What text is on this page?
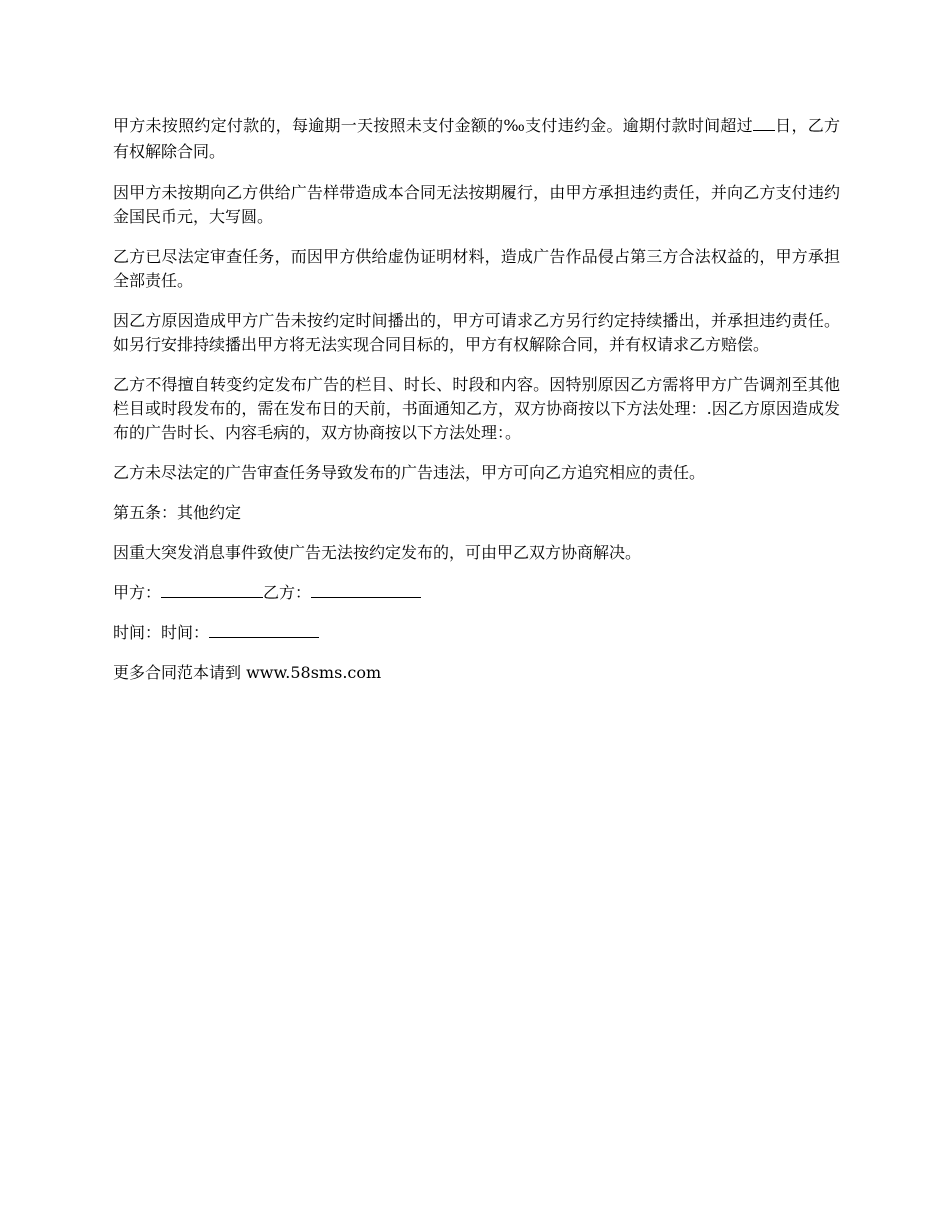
甲方未按照约定付款的，每逾期一天按照未支付金额的‰支付违约金。逾期付款时间超过 日，乙方有权解除合同。

因甲方未按期向乙方供给广告样带造成本合同无法按期履行，由甲方承担违约责任，并向乙方支付违约金国民币元，大写圆。

乙方已尽法定审查任务，而因甲方供给虚伪证明材料，造成广告作品侵占第三方合法权益的，甲方承担全部责任。

因乙方原因造成甲方广告未按约定时间播出的，甲方可请求乙方另行约定持续播出，并承担违约责任。如另行安排持续播出甲方将无法实现合同目标的，甲方有权解除合同，并有权请求乙方赔偿。

乙方不得擅自转变约定发布广告的栏目、时长、时段和内容。因特别原因乙方需将甲方广告调剂至其他栏目或时段发布的，需在发布日的天前，书面通知乙方，双方协商按以下方法处理：.因乙方原因造成发布的广告时长、内容毛病的，双方协商按以下方法处理：。

乙方未尽法定的广告审查任务导致发布的广告违法，甲方可向乙方追究相应的责任。

第五条：其他约定

因重大突发消息事件致使广告无法按约定发布的，可由甲乙双方协商解决。

甲方：	乙方：

时间：时间：

更多合同范本请到 www.58sms.com
